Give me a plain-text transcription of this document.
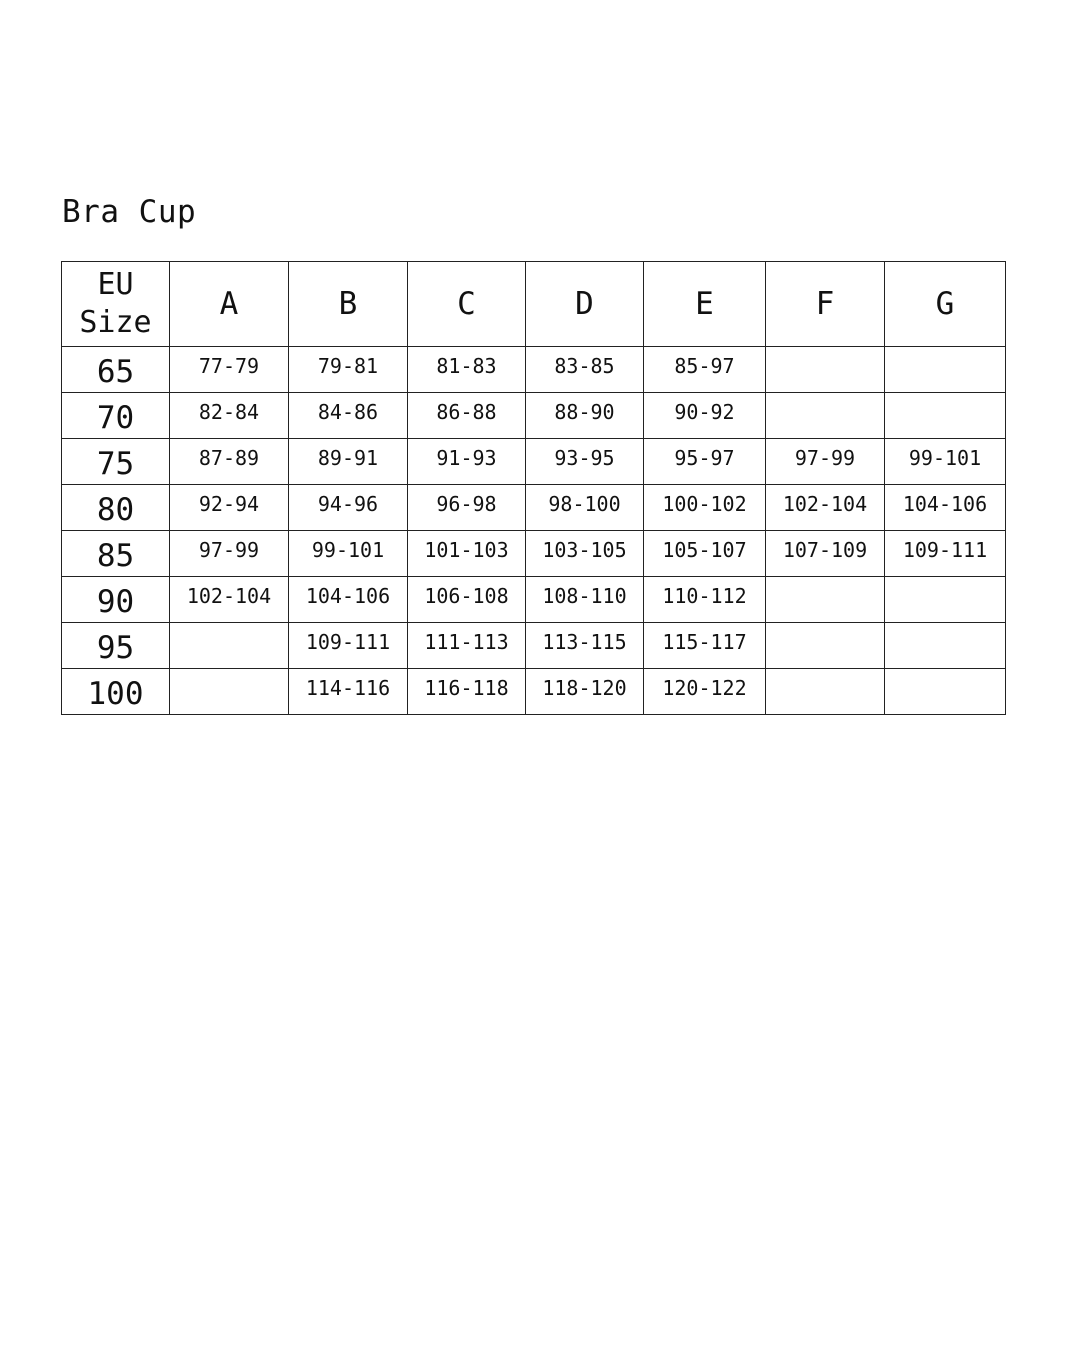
Bra Cup
EU
Size	A	B	C	D	E	F	G
65	77-79	79-81	81-83	83-85	85-97		
70	82-84	84-86	86-88	88-90	90-92		
75	87-89	89-91	91-93	93-95	95-97	97-99	99-101
80	92-94	94-96	96-98	98-100	100-102	102-104	104-106
85	97-99	99-101	101-103	103-105	105-107	107-109	109-111
90	102-104	104-106	106-108	108-110	110-112		
95		109-111	111-113	113-115	115-117		
100		114-116	116-118	118-120	120-122		
